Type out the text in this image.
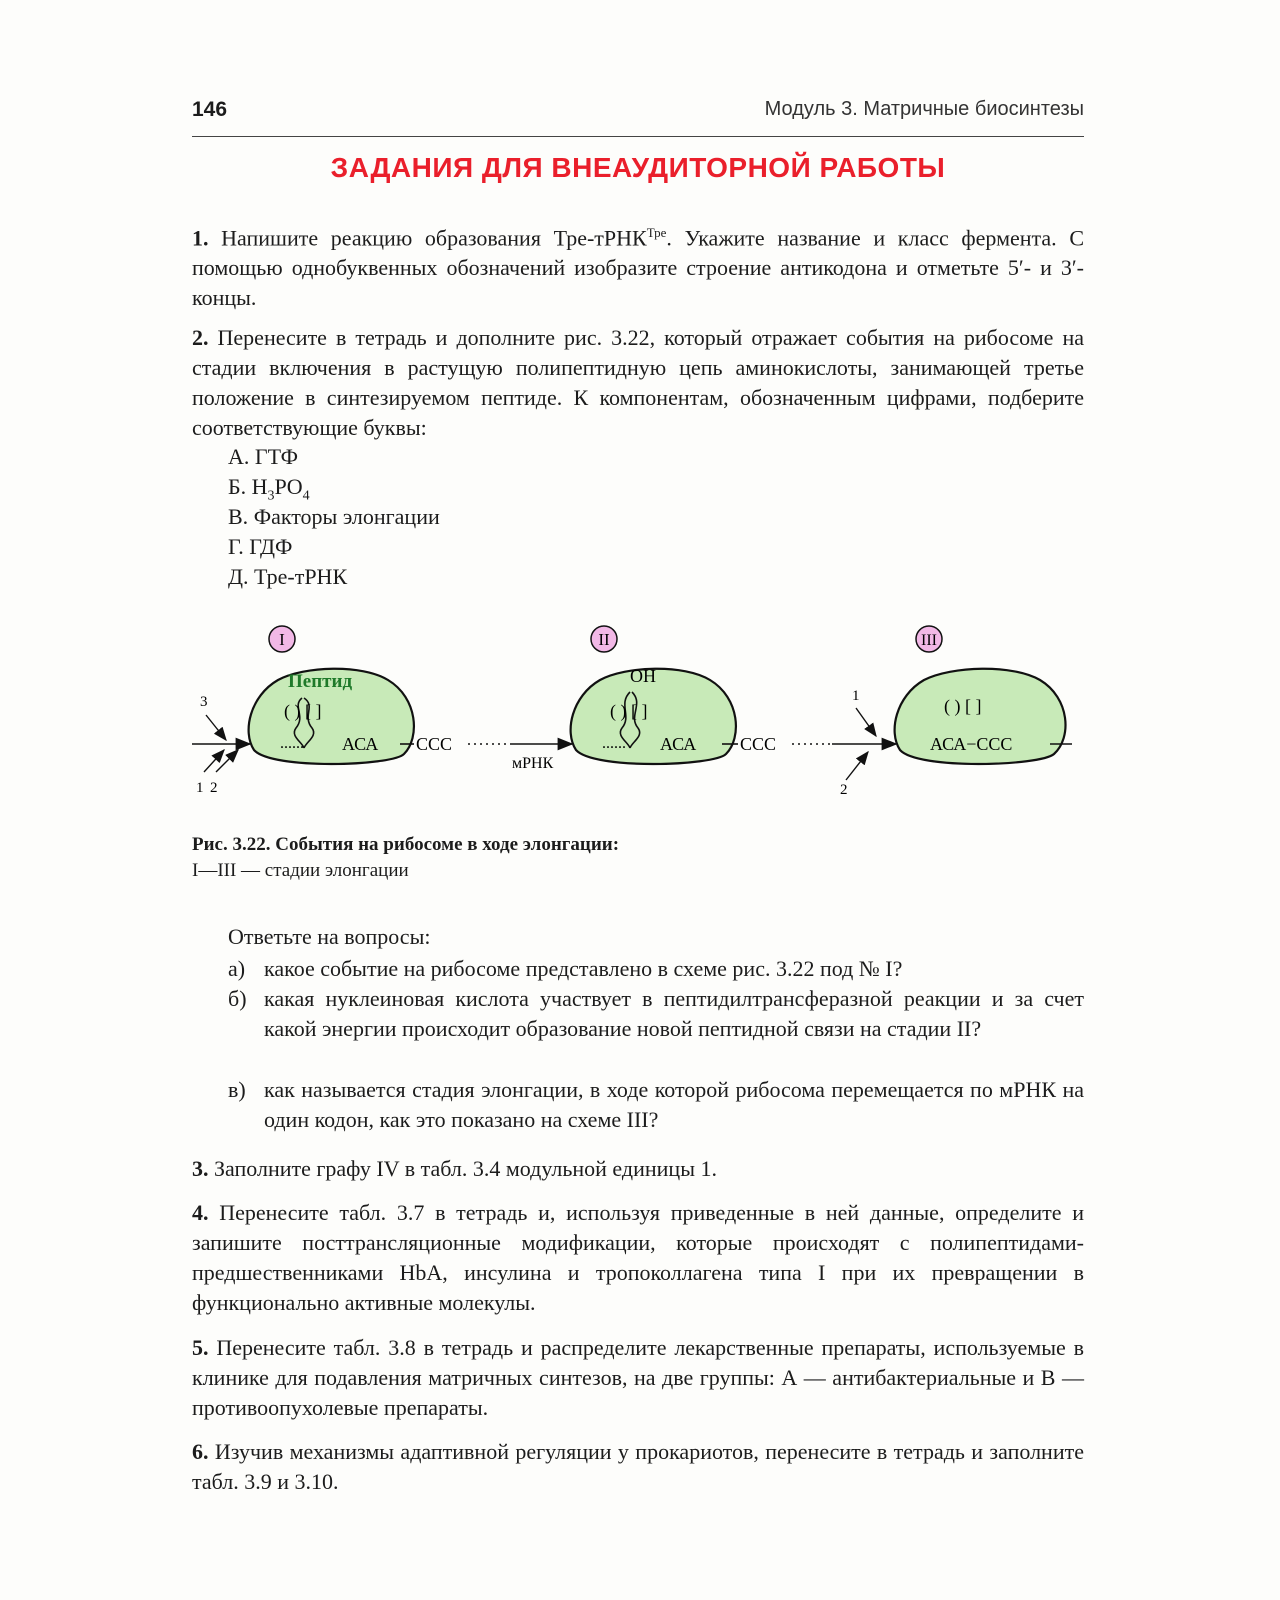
146	Модуль 3. Матричные биосинтезы
ЗАДАНИЯ ДЛЯ ВНЕАУДИТОРНОЙ РАБОТЫ
1. Напишите реакцию образования Тре-тРНК$^{Тре}$. Укажите название и класс фермента. С помощью однобуквенных обозначений изобразите строение антикодона и отметьте 5′- и 3′-концы.
2. Перенесите в тетрадь и дополните рис. 3.22, который отражает события на рибосоме на стадии включения в растущую полипептидную цепь аминокислоты, занимающей третье положение в синтезируемом пептиде. К компонентам, обозначенным цифрами, подберите соответствующие буквы:
А. ГТФ
Б. $H_3PO_4$
В. Факторы элонгации
Г. ГДФ
Д. Тре-тРНК
I	II	III
Пептид
( ) [ ]
...... АСА ССС
мРНК
3
1 2
ОН
( ) [ ]
...... АСА ССС
1
2
( ) [ ]
АСА−ССС
Рис. 3.22. События на рибосоме в ходе элонгации:
I—III — стадии элонгации
Ответьте на вопросы:
а) какое событие на рибосоме представлено в схеме рис. 3.22 под № I?
б) какая нуклеиновая кислота участвует в пептидилтрансферазной реакции и за счет какой энергии происходит образование новой пептидной связи на стадии II?
в) как называется стадия элонгации, в ходе которой рибосома перемещается по мРНК на один кодон, как это показано на схеме III?
3. Заполните графу IV в табл. 3.4 модульной единицы 1.
4. Перенесите табл. 3.7 в тетрадь и, используя приведенные в ней данные, определите и запишите посттрансляционные модификации, которые происходят с полипептидами-предшественниками HbA, инсулина и тропоколлагена типа I при их превращении в функционально активные молекулы.
5. Перенесите табл. 3.8 в тетрадь и распределите лекарственные препараты, используемые в клинике для подавления матричных синтезов, на две группы: А — антибактериальные и В — противоопухолевые препараты.
6. Изучив механизмы адаптивной регуляции у прокариотов, перенесите в тетрадь и заполните табл. 3.9 и 3.10.
